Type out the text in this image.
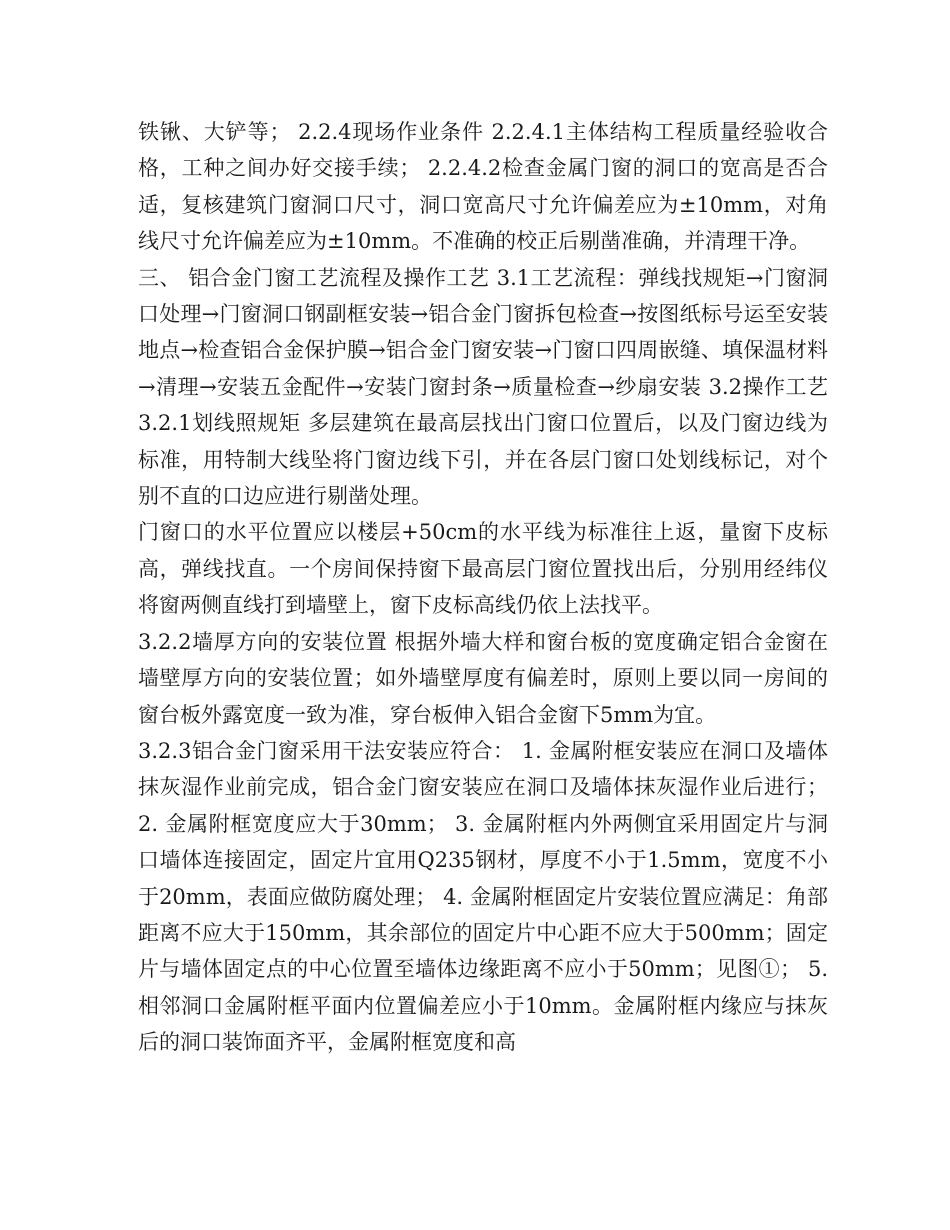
铁锹、大铲等； 2.2.4现场作业条件 2.2.4.1主体结构工程质量经验收合格，工种之间办好交接手续； 2.2.4.2检查金属门窗的洞口的宽高是否合适，复核建筑门窗洞口尺寸，洞口宽高尺寸允许偏差应为±10mm，对角线尺寸允许偏差应为±10mm。不准确的校正后剔凿准确，并清理干净。

三、 铝合金门窗工艺流程及操作工艺 3.1工艺流程：弹线找规矩→门窗洞口处理→门窗洞口钢副框安装→铝合金门窗拆包检查→按图纸标号运至安装地点→检查铝合金保护膜→铝合金门窗安装→门窗口四周嵌缝、填保温材料→清理→安装五金配件→安装门窗封条→质量检查→纱扇安装 3.2操作工艺 3.2.1划线照规矩 多层建筑在最高层找出门窗口位置后，以及门窗边线为标准，用特制大线坠将门窗边线下引，并在各层门窗口处划线标记，对个别不直的口边应进行剔凿处理。

门窗口的水平位置应以楼层+50cm的水平线为标准往上返，量窗下皮标高，弹线找直。一个房间保持窗下最高层门窗位置找出后，分别用经纬仪将窗两侧直线打到墙壁上，窗下皮标高线仍依上法找平。

3.2.2墙厚方向的安装位置 根据外墙大样和窗台板的宽度确定铝合金窗在墙壁厚方向的安装位置；如外墙壁厚度有偏差时，原则上要以同一房间的窗台板外露宽度一致为准，穿台板伸入铝合金窗下5mm为宜。

3.2.3铝合金门窗采用干法安装应符合： 1. 金属附框安装应在洞口及墙体抹灰湿作业前完成，铝合金门窗安装应在洞口及墙体抹灰湿作业后进行； 2. 金属附框宽度应大于30mm； 3. 金属附框内外两侧宜采用固定片与洞口墙体连接固定，固定片宜用Q235钢材，厚度不小于1.5mm，宽度不小于20mm，表面应做防腐处理； 4. 金属附框固定片安装位置应满足：角部距离不应大于150mm，其余部位的固定片中心距不应大于500mm；固定片与墙体固定点的中心位置至墙体边缘距离不应小于50mm；见图①； 5. 相邻洞口金属附框平面内位置偏差应小于10mm。金属附框内缘应与抹灰后的洞口装饰面齐平，金属附框宽度和高
